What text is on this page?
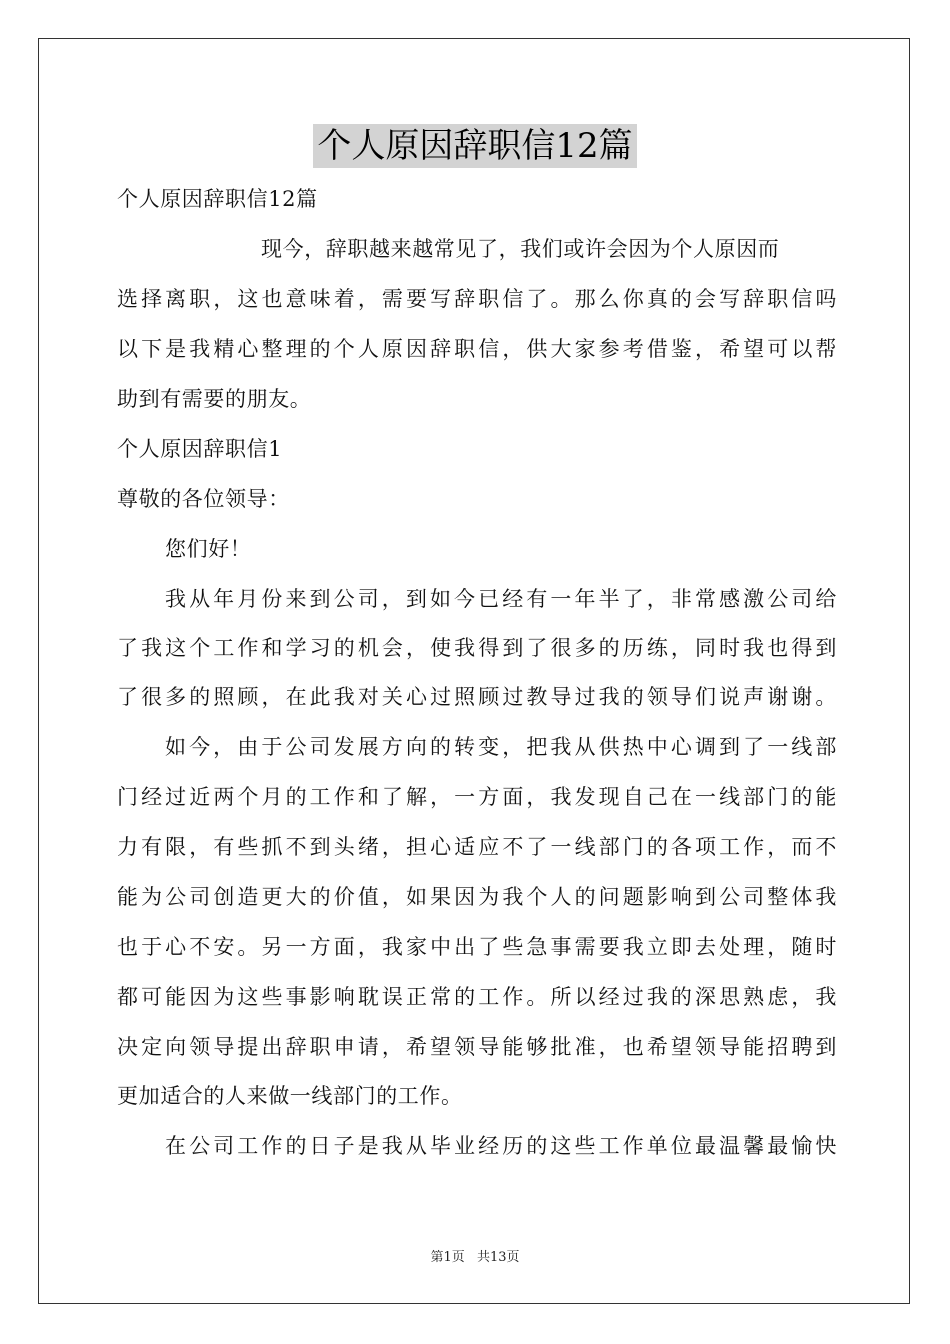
个人原因辞职信12篇
个人原因辞职信12篇
现今，辞职越来越常见了，我们或许会因为个人原因而
选择离职，这也意味着，需要写辞职信了。那么你真的会写辞职信吗
以下是我精心整理的个人原因辞职信，供大家参考借鉴，希望可以帮
助到有需要的朋友。
个人原因辞职信1
尊敬的各位领导：
您们好！
我从年月份来到公司，到如今已经有一年半了，非常感激公司给
了我这个工作和学习的机会，使我得到了很多的历练，同时我也得到
了很多的照顾，在此我对关心过照顾过教导过我的领导们说声谢谢。
如今，由于公司发展方向的转变，把我从供热中心调到了一线部
门经过近两个月的工作和了解，一方面，我发现自己在一线部门的能
力有限，有些抓不到头绪，担心适应不了一线部门的各项工作，而不
能为公司创造更大的价值，如果因为我个人的问题影响到公司整体我
也于心不安。另一方面，我家中出了些急事需要我立即去处理，随时
都可能因为这些事影响耽误正常的工作。所以经过我的深思熟虑，我
决定向领导提出辞职申请，希望领导能够批准，也希望领导能招聘到
更加适合的人来做一线部门的工作。
在公司工作的日子是我从毕业经历的这些工作单位最温馨最愉快
第1页 共13页
